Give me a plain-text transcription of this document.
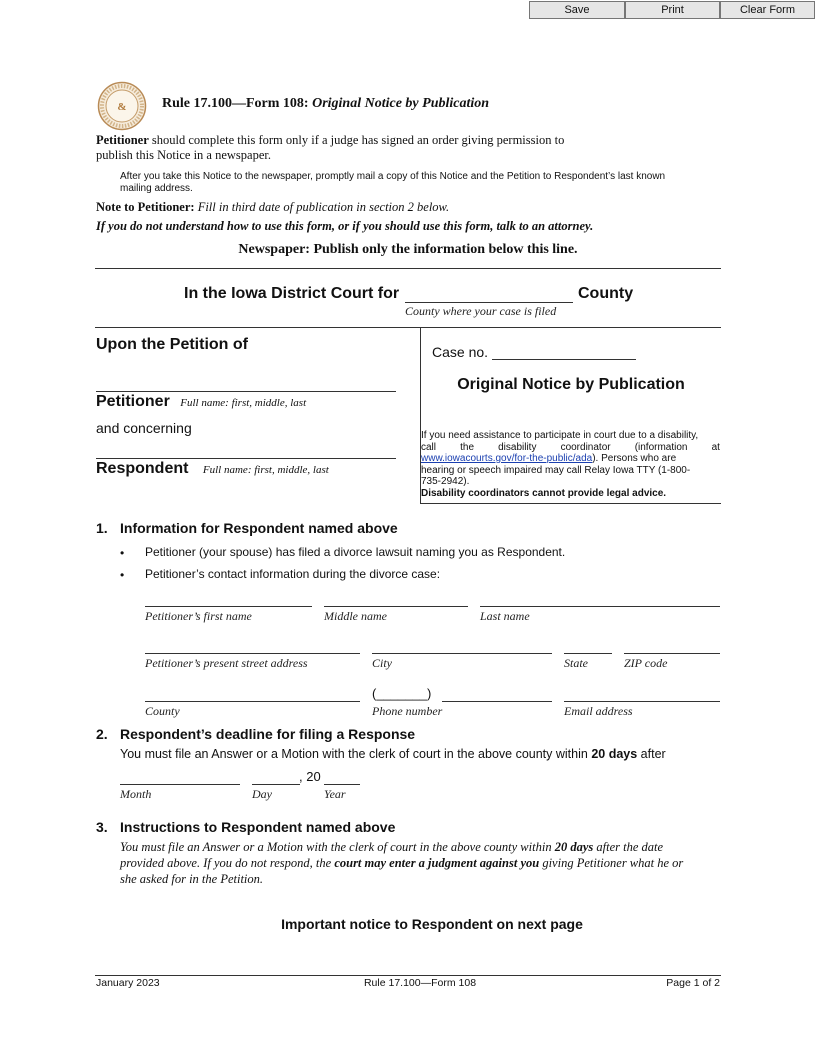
Save	Print	Clear Form
&	Rule 17.100—Form 108: Original Notice by Publication
Petitioner should complete this form only if a judge has signed an order giving permission to
publish this Notice in a newspaper.
After you take this Notice to the newspaper, promptly mail a copy of this Notice and the Petition to Respondent’s last known
mailing address.
Note to Petitioner: Fill in third date of publication in section 2 below.
If you do not understand how to use this form, or if you should use this form, talk to an attorney.
Newspaper: Publish only the information below this line.
In the Iowa District Court for	County
County where your case is filed
Upon the Petition of
Petitioner Full name: first, middle, last
and concerning
Respondent Full name: first, middle, last
Case no.
Original Notice by Publication
If you need assistance to participate in court due to a disability,
call the disability coordinator (information at
www.iowacourts.gov/for-the-public/ada). Persons who are
hearing or speech impaired may call Relay Iowa TTY (1-800-
735-2942).
Disability coordinators cannot provide legal advice.
1. Information for Respondent named above
• Petitioner (your spouse) has filed a divorce lawsuit naming you as Respondent.
• Petitioner’s contact information during the divorce case:
Petitioner’s first name	Middle name	Last name
Petitioner’s present street address	City	State	ZIP code
(_______)
County	Phone number	Email address
2. Respondent’s deadline for filing a Response
You must file an Answer or a Motion with the clerk of court in the above county within 20 days after
, 20
Month	Day	Year
3. Instructions to Respondent named above
You must file an Answer or a Motion with the clerk of court in the above county within 20 days after the date
provided above. If you do not respond, the court may enter a judgment against you giving Petitioner what he or
she asked for in the Petition.
Important notice to Respondent on next page
January 2023	Rule 17.100—Form 108	Page 1 of 2
